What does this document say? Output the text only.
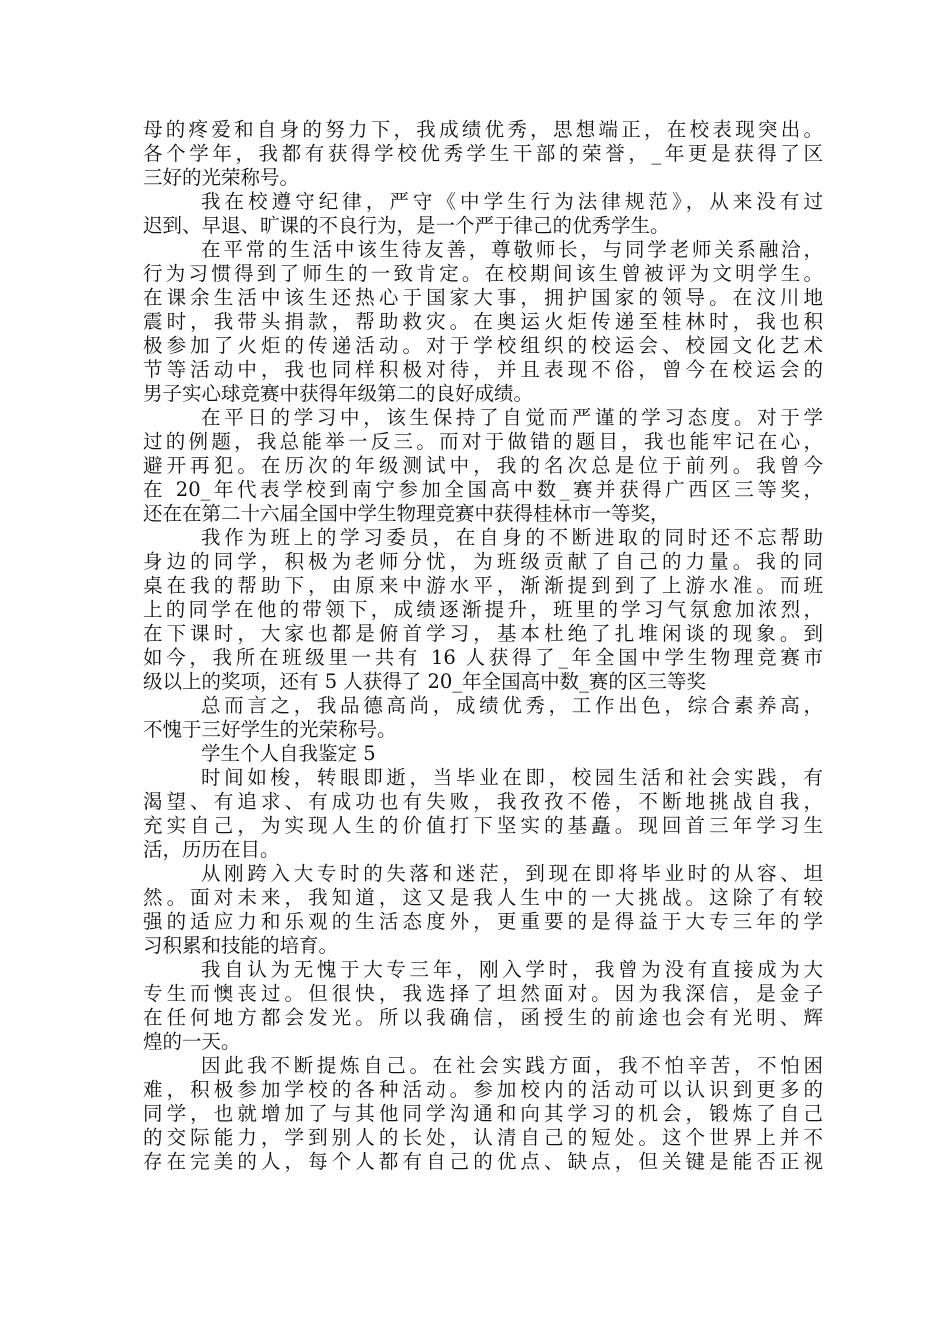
母的疼爱和自身的努力下，我成绩优秀，思想端正，在校表现突出。
各个学年，我都有获得学校优秀学生干部的荣誉，_年更是获得了区
三好的光荣称号。
我在校遵守纪律，严守《中学生行为法律规范》，从来没有过
迟到、早退、旷课的不良行为，是一个严于律己的优秀学生。
在平常的生活中该生待友善，尊敬师长，与同学老师关系融洽，
行为习惯得到了师生的一致肯定。在校期间该生曾被评为文明学生。
在课余生活中该生还热心于国家大事，拥护国家的领导。在汶川地
震时，我带头捐款，帮助救灾。在奥运火炬传递至桂林时，我也积
极参加了火炬的传递活动。对于学校组织的校运会、校园文化艺术
节等活动中，我也同样积极对待，并且表现不俗，曾今在校运会的
男子实心球竞赛中获得年级第二的良好成绩。
在平日的学习中，该生保持了自觉而严谨的学习态度。对于学
过的例题，我总能举一反三。而对于做错的题目，我也能牢记在心，
避开再犯。在历次的年级测试中，我的名次总是位于前列。我曾今
在 20_年代表学校到南宁参加全国高中数_赛并获得广西区三等奖，
还在在第二十六届全国中学生物理竞赛中获得桂林市一等奖，
我作为班上的学习委员，在自身的不断进取的同时还不忘帮助
身边的同学，积极为老师分忧，为班级贡献了自己的力量。我的同
桌在我的帮助下，由原来中游水平，渐渐提到到了上游水准。而班
上的同学在他的带领下，成绩逐渐提升，班里的学习气氛愈加浓烈，
在下课时，大家也都是俯首学习，基本杜绝了扎堆闲谈的现象。到
如今，我所在班级里一共有 16 人获得了_年全国中学生物理竞赛市
级以上的奖项，还有 5 人获得了 20_年全国高中数_赛的区三等奖
总而言之，我品德高尚，成绩优秀，工作出色，综合素养高，
不愧于三好学生的光荣称号。
学生个人自我鉴定 5
时间如梭，转眼即逝，当毕业在即，校园生活和社会实践，有
渴望、有追求、有成功也有失败，我孜孜不倦，不断地挑战自我，
充实自己，为实现人生的价值打下坚实的基矗。现回首三年学习生
活，历历在目。
从刚跨入大专时的失落和迷茫，到现在即将毕业时的从容、坦
然。面对未来，我知道，这又是我人生中的一大挑战。这除了有较
强的适应力和乐观的生活态度外，更重要的是得益于大专三年的学
习积累和技能的培育。
我自认为无愧于大专三年，刚入学时，我曾为没有直接成为大
专生而懊丧过。但很快，我选择了坦然面对。因为我深信，是金子
在任何地方都会发光。所以我确信，函授生的前途也会有光明、辉
煌的一天。
因此我不断提炼自己。在社会实践方面，我不怕辛苦，不怕困
难，积极参加学校的各种活动。参加校内的活动可以认识到更多的
同学，也就增加了与其他同学沟通和向其学习的机会，锻炼了自己
的交际能力，学到别人的长处，认清自己的短处。这个世界上并不
存在完美的人，每个人都有自己的优点、缺点，但关键是能否正视
